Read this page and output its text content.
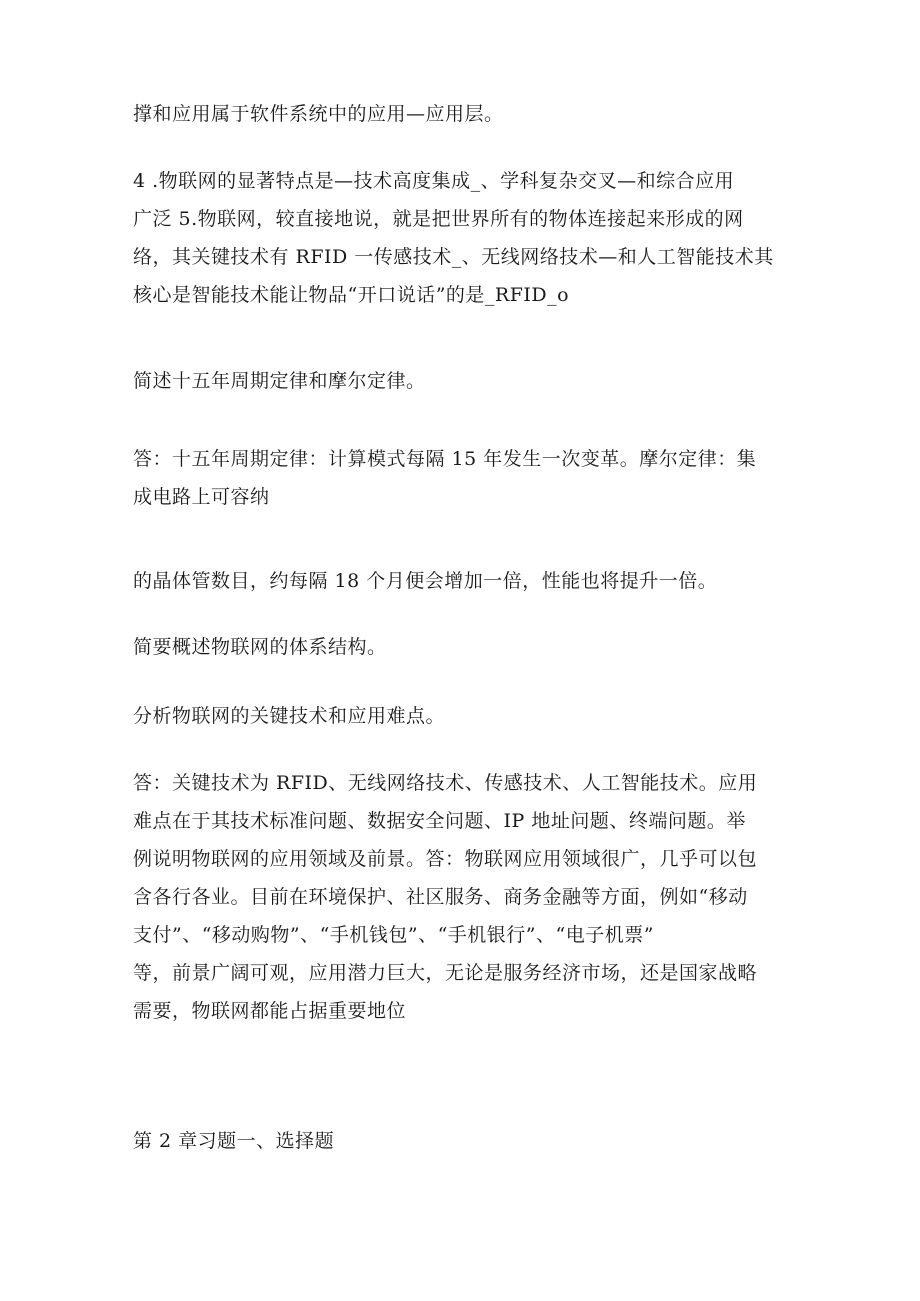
撑和应用属于软件系统中的应用—应用层。

4 .物联网的显著特点是—技术高度集成_、学科复杂交叉—和综合应用
广泛 5.物联网，较直接地说，就是把世界所有的物体连接起来形成的网
络，其关键技术有 RFID 一传感技术_、无线网络技术—和人工智能技术其
核心是智能技术能让物品“开口说话”的是_RFID_o

简述十五年周期定律和摩尔定律。

答：十五年周期定律：计算模式每隔 15 年发生一次变革。摩尔定律：集
成电路上可容纳

的晶体管数目，约每隔 18 个月便会增加一倍，性能也将提升一倍。

简要概述物联网的体系结构。

分析物联网的关键技术和应用难点。

答：关键技术为 RFID、无线网络技术、传感技术、人工智能技术。应用
难点在于其技术标准问题、数据安全问题、IP 地址问题、终端问题。举
例说明物联网的应用领域及前景。答：物联网应用领域很广，几乎可以包
含各行各业。目前在环境保护、社区服务、商务金融等方面，例如“移动
支付”、“移动购物”、“手机钱包”、“手机银行”、“电子机票”
等，前景广阔可观，应用潜力巨大，无论是服务经济市场，还是国家战略
需要，物联网都能占据重要地位

第 2 章习题一、选择题
